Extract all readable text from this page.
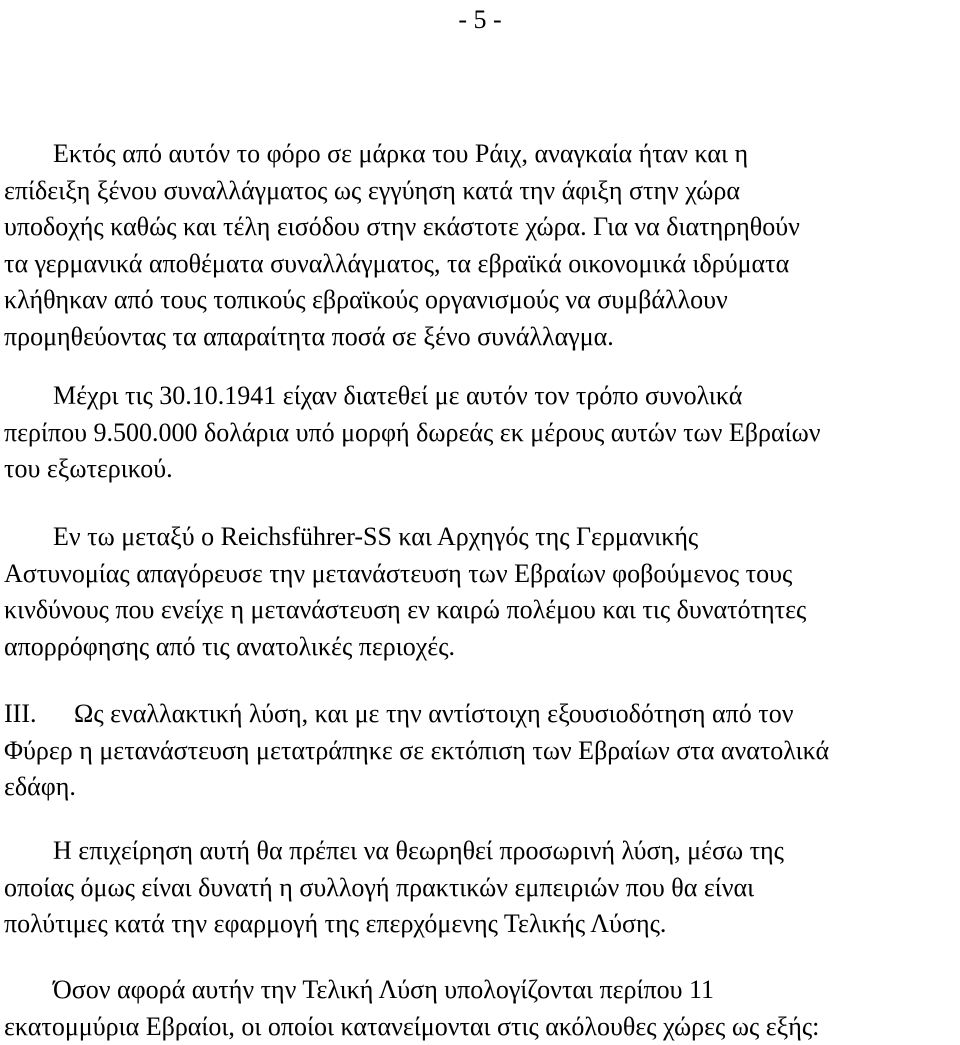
- 5 -
Εκτός από αυτόν το φόρο σε μάρκα του Ράιχ, αναγκαία ήταν και η
επίδειξη ξένου συναλλάγματος ως εγγύηση κατά την άφιξη στην χώρα
υποδοχής καθώς και τέλη εισόδου στην εκάστοτε χώρα. Για να διατηρηθούν
τα γερμανικά αποθέματα συναλλάγματος, τα εβραϊκά οικονομικά ιδρύματα
κλήθηκαν από τους τοπικούς εβραϊκούς οργανισμούς να συμβάλλουν
προμηθεύοντας τα απαραίτητα ποσά σε ξένο συνάλλαγμα.
Μέχρι τις 30.10.1941 είχαν διατεθεί με αυτόν τον τρόπο συνολικά
περίπου 9.500.000 δολάρια υπό μορφή δωρεάς εκ μέρους αυτών των Εβραίων
του εξωτερικού.
Εν τω μεταξύ ο Reichsführer-SS και Αρχηγός της Γερμανικής
Αστυνομίας απαγόρευσε την μετανάστευση των Εβραίων φοβούμενος τους
κινδύνους που ενείχε η μετανάστευση εν καιρώ πολέμου και τις δυνατότητες
απορρόφησης από τις ανατολικές περιοχές.
III. Ως εναλλακτική λύση, και με την αντίστοιχη εξουσιοδότηση από τον
Φύρερ η μετανάστευση μετατράπηκε σε εκτόπιση των Εβραίων στα ανατολικά
εδάφη.
Η επιχείρηση αυτή θα πρέπει να θεωρηθεί προσωρινή λύση, μέσω της
οποίας όμως είναι δυνατή η συλλογή πρακτικών εμπειριών που θα είναι
πολύτιμες κατά την εφαρμογή της επερχόμενης Τελικής Λύσης.
Όσον αφορά αυτήν την Τελική Λύση υπολογίζονται περίπου 11
εκατομμύρια Εβραίοι, οι οποίοι κατανείμονται στις ακόλουθες χώρες ως εξής:
